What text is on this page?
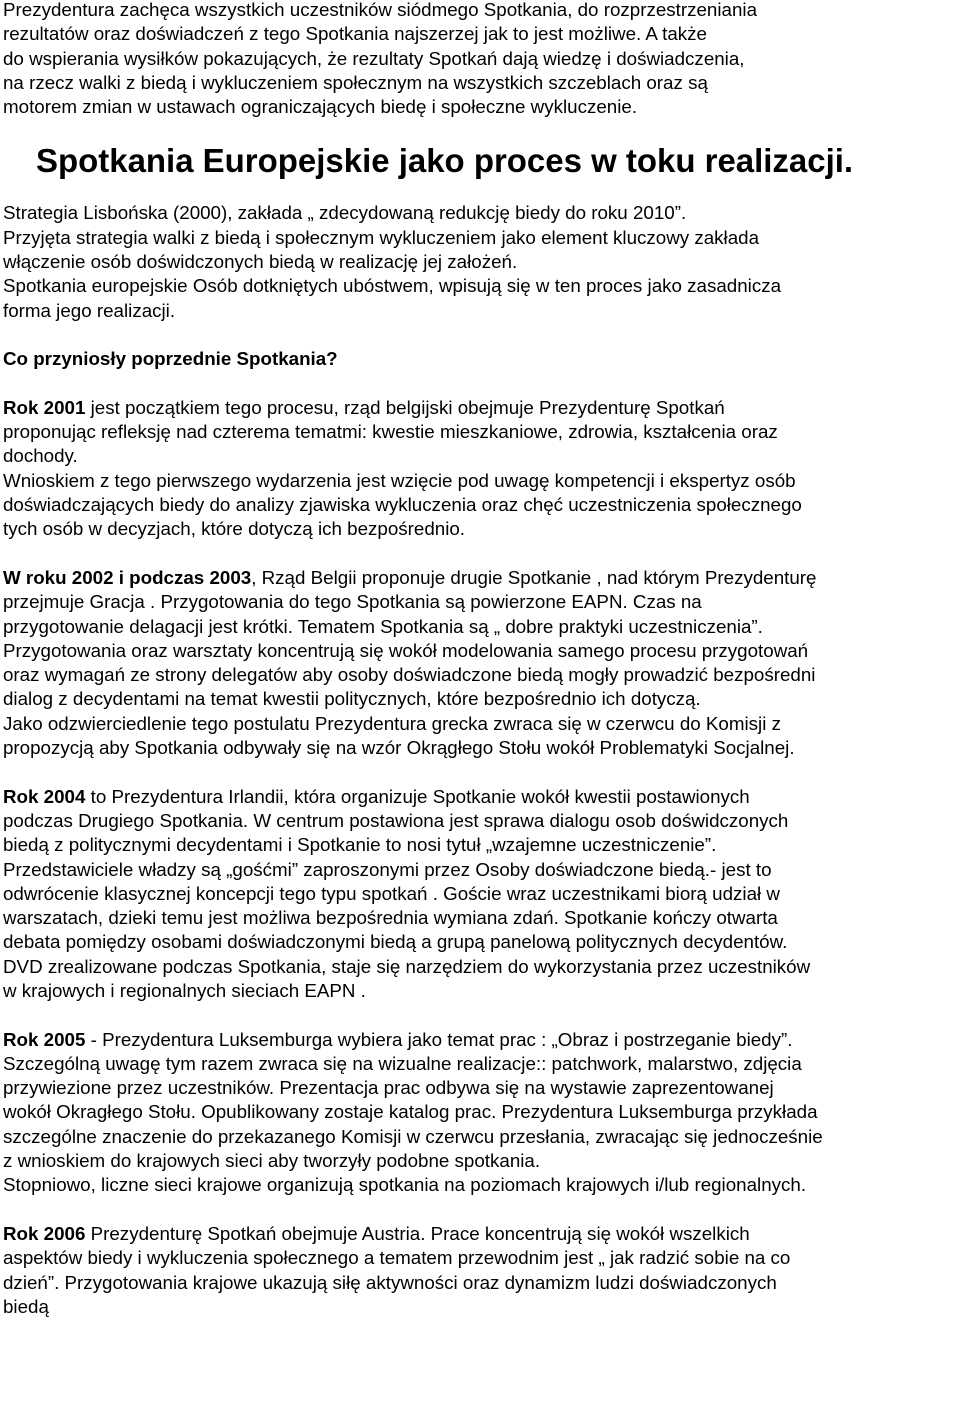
Prezydentura zachęca wszystkich uczestników siódmego Spotkania, do rozprzestrzeniania
rezultatów oraz doświadczeń z tego Spotkania najszerzej jak to jest możliwe. A także
do wspierania wysiłków pokazujących, że rezultaty Spotkań dają wiedzę i doświadczenia,
na rzecz walki z biedą i wykluczeniem społecznym na wszystkich szczeblach oraz są
motorem zmian w ustawach ograniczających biedę i społeczne wykluczenie.
Spotkania Europejskie jako proces w toku realizacji.
Strategia Lisbońska (2000), zakłada „ zdecydowaną redukcję biedy do roku 2010”.
Przyjęta strategia walki z biedą i społecznym wykluczeniem jako element kluczowy zakłada
włączenie osób doświdczonych biedą w realizację jej założeń.
Spotkania europejskie Osób dotkniętych ubóstwem, wpisują się w ten proces jako zasadnicza
forma jego realizacji.
Co przyniosły poprzednie Spotkania?
Rok 2001 jest początkiem tego procesu, rząd belgijski obejmuje Prezydenturę Spotkań
proponując refleksję nad czterema tematmi: kwestie mieszkaniowe, zdrowia, kształcenia oraz
dochody.
Wnioskiem z tego pierwszego wydarzenia jest wzięcie pod uwagę kompetencji i ekspertyz osób
doświadczających biedy do analizy zjawiska wykluczenia oraz chęć uczestniczenia społecznego
tych osób w decyzjach, które dotyczą ich bezpośrednio.
W roku 2002 i podczas 2003, Rząd Belgii proponuje drugie Spotkanie , nad którym Prezydenturę
przejmuje Gracja . Przygotowania do tego Spotkania są powierzone EAPN. Czas na
przygotowanie delagacji jest krótki. Tematem Spotkania są „ dobre praktyki uczestniczenia”.
Przygotowania oraz warsztaty koncentrują się wokół modelowania samego procesu przygotowań
oraz wymagań ze strony delegatów aby osoby doświadczone biedą mogły prowadzić bezpośredni
dialog z decydentami na temat kwestii politycznych, które bezpośrednio ich dotyczą.
Jako odzwierciedlenie tego postulatu Prezydentura grecka zwraca się w czerwcu do Komisji z
propozycją aby Spotkania odbywały się na wzór Okrągłego Stołu wokół Problematyki Socjalnej.
Rok 2004 to Prezydentura Irlandii, która organizuje Spotkanie wokół kwestii postawionych
podczas Drugiego Spotkania. W centrum postawiona jest sprawa dialogu osob doświdczonych
biedą z politycznymi decydentami i Spotkanie to nosi tytuł „wzajemne uczestniczenie”.
Przedstawiciele władzy są „gośćmi” zaproszonymi przez Osoby doświadczone biedą.- jest to
odwrócenie klasycznej koncepcji tego typu spotkań . Goście wraz uczestnikami biorą udział w
warszatach, dzieki temu jest możliwa bezpośrednia wymiana zdań. Spotkanie kończy otwarta
debata pomiędzy osobami doświadczonymi biedą a grupą panelową politycznych decydentów.
DVD zrealizowane podczas Spotkania, staje się narzędziem do wykorzystania przez uczestników
w krajowych i regionalnych sieciach EAPN .
Rok 2005 - Prezydentura Luksemburga wybiera jako temat prac : „Obraz i postrzeganie biedy”.
Szczególną uwagę tym razem zwraca się na wizualne realizacje:: patchwork, malarstwo, zdjęcia
przywiezione przez uczestników. Prezentacja prac odbywa się na wystawie zaprezentowanej
wokół Okragłego Stołu. Opublikowany zostaje katalog prac. Prezydentura Luksemburga przykłada
szczególne znaczenie do przekazanego Komisji w czerwcu przesłania, zwracając się jednocześnie
z wnioskiem do krajowych sieci aby tworzyły podobne spotkania.
Stopniowo, liczne sieci krajowe organizują spotkania na poziomach krajowych i/lub regionalnych.
Rok 2006 Prezydenturę Spotkań obejmuje Austria. Prace koncentrują się wokół wszelkich
aspektów biedy i wykluczenia społecznego a tematem przewodnim jest „ jak radzić sobie na co
dzień”. Przygotowania krajowe ukazują siłę aktywności oraz dynamizm ludzi doświadczonych
biedą
